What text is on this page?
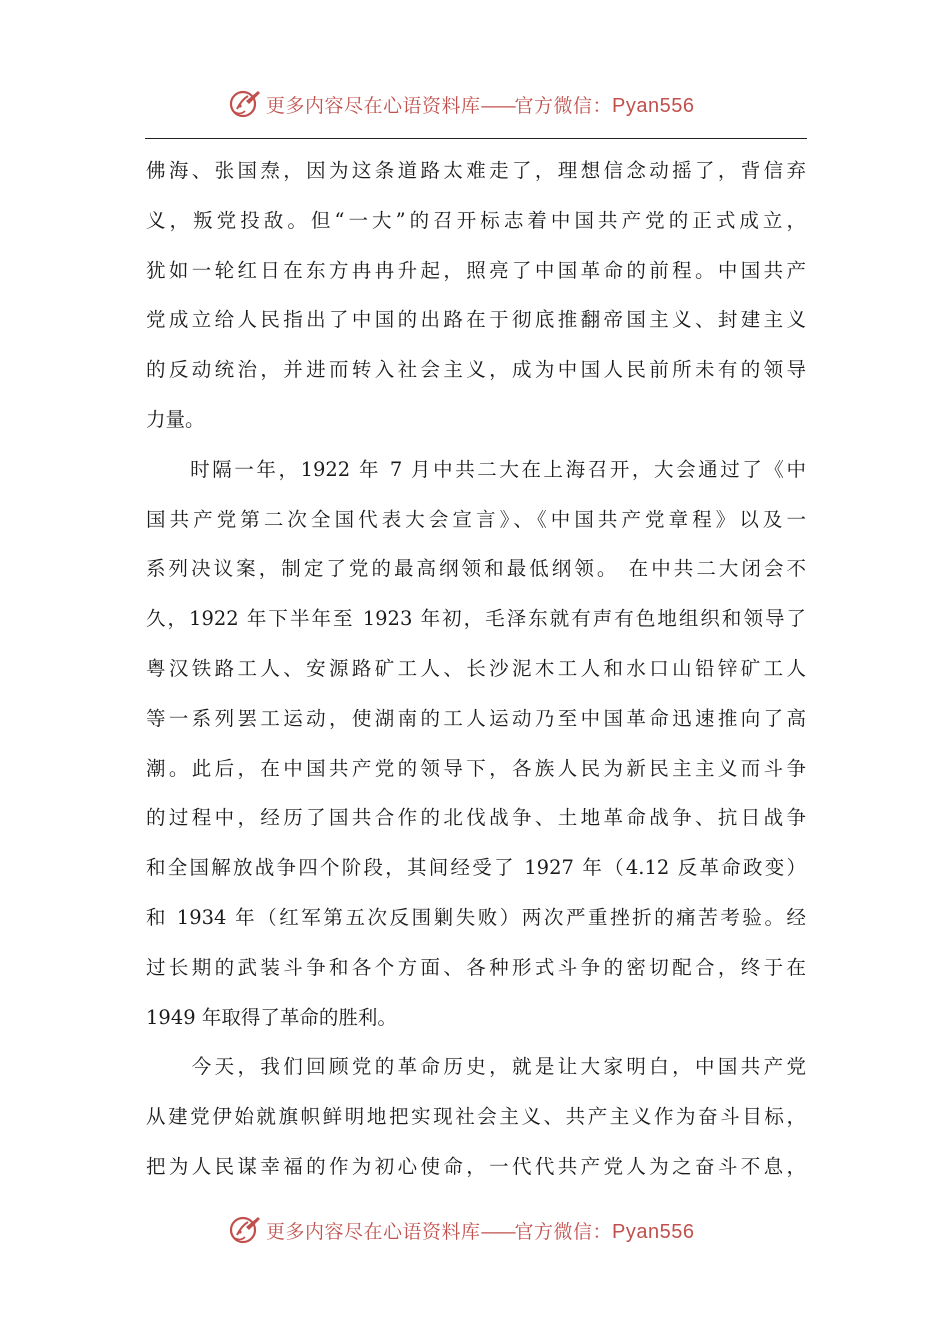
更多内容尽在心语资料库——官方微信：Pyan556
佛海、张国焘，因为这条道路太难走了，理想信念动摇了，背信弃
义，叛党投敌。但“一大”的召开标志着中国共产党的正式成立，
犹如一轮红日在东方冉冉升起，照亮了中国革命的前程。中国共产
党成立给人民指出了中国的出路在于彻底推翻帝国主义、封建主义
的反动统治，并进而转入社会主义，成为中国人民前所未有的领导
力量。
　　时隔一年，1922 年 7 月中共二大在上海召开，大会通过了《中
国共产党第二次全国代表大会宣言》、《中国共产党章程》以及一
系列决议案，制定了党的最高纲领和最低纲领。 在中共二大闭会不
久，1922 年下半年至 1923 年初，毛泽东就有声有色地组织和领导了
粤汉铁路工人、安源路矿工人、长沙泥木工人和水口山铅锌矿工人
等一系列罢工运动，使湖南的工人运动乃至中国革命迅速推向了高
潮。此后，在中国共产党的领导下，各族人民为新民主主义而斗争
的过程中，经历了国共合作的北伐战争、土地革命战争、抗日战争
和全国解放战争四个阶段，其间经受了 1927 年（4.12 反革命政变）
和 1934 年（红军第五次反围剿失败）两次严重挫折的痛苦考验。经
过长期的武装斗争和各个方面、各种形式斗争的密切配合，终于在
1949 年取得了革命的胜利。
　　今天，我们回顾党的革命历史，就是让大家明白，中国共产党
从建党伊始就旗帜鲜明地把实现社会主义、共产主义作为奋斗目标，
把为人民谋幸福的作为初心使命，一代代共产党人为之奋斗不息，
更多内容尽在心语资料库——官方微信：Pyan556
